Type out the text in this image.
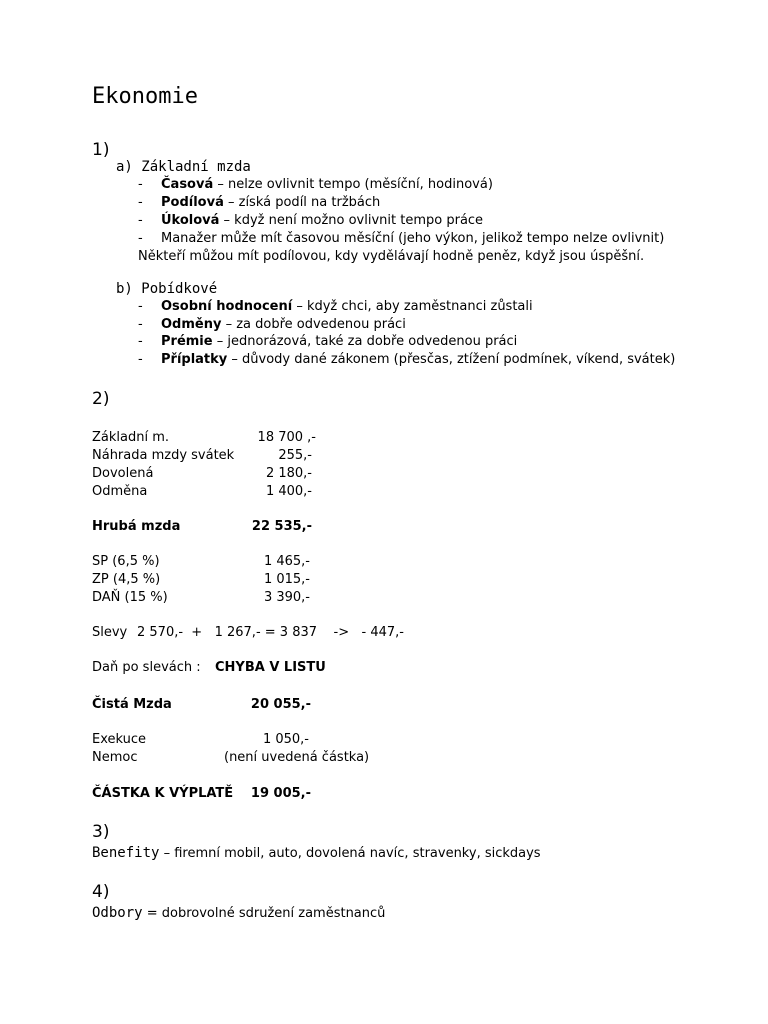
Ekonomie
1)
a) Základní mzda
- Časová – nelze ovlivnit tempo (měsíční, hodinová)
- Podílová – získá podíl na tržbách
- Úkolová – když není možno ovlivnit tempo práce
- Manažer může mít časovou měsíční (jeho výkon, jelikož tempo nelze ovlivnit)
Někteří můžou mít podílovou, kdy vydělávají hodně peněz, když jsou úspěšní.
b) Pobídkové
- Osobní hodnocení – když chci, aby zaměstnanci zůstali
- Odměny – za dobře odvedenou práci
- Prémie – jednorázová, také za dobře odvedenou práci
- Příplatky – důvody dané zákonem (přesčas, ztížení podmínek, víkend, svátek)
2)
Základní m.	18 700 ,-
Náhrada mzdy svátek	255,-
Dovolená	2 180,-
Odměna	1 400,-
Hrubá mzda	22 535,-
SP (6,5 %)	1 465,-
ZP (4,5 %)	1 015,-
DAŇ (15 %)	3 390,-
Slevy 2 570,-  +   1 267,- = 3 837    ->   - 447,-
Daň po slevách : CHYBA V LISTU
Čistá Mzda	20 055,-
Exekuce	1 050,-
Nemoc	(není uvedená částka)
ČÁSTKA K VÝPLATĚ	19 005,-
3)
Benefity – firemní mobil, auto, dovolená navíc, stravenky, sickdays
4)
Odbory = dobrovolné sdružení zaměstnanců
